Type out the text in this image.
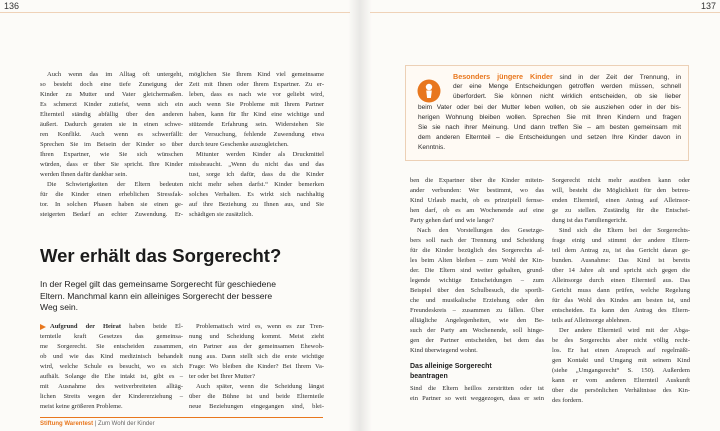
136	137
Auch wenn das im Alltag oft untergeht,
so besteht doch eine tiefe Zuneigung der
Kinder zu Mutter und Vater gleichermaßen.
Es schmerzt Kinder zutiefst, wenn sich ein
Elternteil ständig abfällig über den anderen
äußert. Dadurch geraten sie in einen schwe-
ren Konflikt. Auch wenn es schwerfällt:
Sprechen Sie im Beisein der Kinder so über
Ihren Expartner, wie Sie sich wünschen
würden, dass er über Sie spricht. Ihre Kinder
werden Ihnen dafür dankbar sein.
Die Schwierigkeiten der Eltern bedeuten
für die Kinder einen erheblichen Stressfak-
tor. In solchen Phasen haben sie einen ge-
steigerten Bedarf an echter Zuwendung. Er-
möglichen Sie Ihrem Kind viel gemeinsame
Zeit mit Ihnen oder Ihrem Expartner. Zu er-
leben, dass es nach wie vor geliebt wird,
auch wenn Sie Probleme mit Ihrem Partner
haben, kann für Ihr Kind eine wichtige und
stützende Erfahrung sein. Widerstehen Sie
der Versuchung, fehlende Zuwendung etwa
durch teure Geschenke auszugleichen.
Mitunter werden Kinder als Druckmittel
missbraucht. „Wenn du nicht das und das
tust, sorge ich dafür, dass du die Kinder
nicht mehr sehen darfst.“ Kinder bemerken
solches Verhalten. Es wirkt sich nachhaltig
auf ihre Beziehung zu Ihnen aus, und Sie
schädigen sie zusätzlich.
Wer erhält das Sorgerecht?
In der Regel gilt das gemeinsame Sorgerecht für geschiedene
Eltern. Manchmal kann ein alleiniges Sorgerecht der bessere
Weg sein.
Aufgrund der Heirat haben beide El-
ternteile kraft Gesetzes das gemeinsa-
me Sorgerecht. Sie entscheiden zusammen,
ob und wie das Kind medizinisch behandelt
wird, welche Schule es besucht, wo es sich
aufhält. Solange die Ehe intakt ist, gibt es –
mit Ausnahme des weitverbreiteten alltäg-
lichen Streits wegen der Kindererziehung –
meist keine größeren Probleme.
Problematisch wird es, wenn es zur Tren-
nung und Scheidung kommt. Meist zieht
ein Partner aus der gemeinsamen Ehewoh-
nung aus. Dann stellt sich die erste wichtige
Frage: Wo bleiben die Kinder? Bei Ihrem Va-
ter oder bei Ihrer Mutter?
Auch später, wenn die Scheidung längst
über die Bühne ist und beide Elternteile
neue Beziehungen eingegangen sind, blei-
Stiftung Warentest | Zum Wohl der Kinder
Besonders jüngere Kinder sind in der Zeit der Trennung, in
der eine Menge Entscheidungen getroffen werden müssen, schnell
überfordert. Sie können nicht wirklich entscheiden, ob sie lieber
beim Vater oder bei der Mutter leben wollen, ob sie ausziehen oder in der bis-
herigen Wohnung bleiben wollen. Sprechen Sie mit Ihren Kindern und fragen
Sie sie nach ihrer Meinung. Und dann treffen Sie – am besten gemeinsam mit
dem anderen Elternteil – die Entscheidungen und setzen Ihre Kinder davon in
Kenntnis.
ben die Expartner über die Kinder mitein-
ander verbunden: Wer bestimmt, wo das
Kind Urlaub macht, ob es prinzipiell fernse-
hen darf, ob es am Wochenende auf eine
Party gehen darf und wie lange?
Nach den Vorstellungen des Gesetzge-
bers soll nach der Trennung und Scheidung
für die Kinder bezüglich des Sorgerechts al-
les beim Alten bleiben – zum Wohl der Kin-
der. Die Eltern sind weiter gehalten, grund-
legende wichtige Entscheidungen – zum
Beispiel über den Schulbesuch, die sportli-
che und musikalische Erziehung oder den
Freundeskreis – zusammen zu fällen. Über
alltägliche Angelegenheiten, wie den Be-
such der Party am Wochenende, soll hinge-
gen der Partner entscheiden, bei dem das
Kind überwiegend wohnt.
Das alleinige Sorgerecht
beantragen
Sind die Eltern heillos zerstritten oder ist
ein Partner so weit weggezogen, dass er sein
Sorgerecht nicht mehr ausüben kann oder
will, besteht die Möglichkeit für den betreu-
enden Elternteil, einen Antrag auf Alleinsor-
ge zu stellen. Zuständig für die Entschei-
dung ist das Familiengericht.
Sind sich die Eltern bei der Sorgerechts-
frage einig und stimmt der andere Eltern-
teil dem Antrag zu, ist das Gericht daran ge-
bunden. Ausnahme: Das Kind ist bereits
über 14 Jahre alt und spricht sich gegen die
Alleinsorge durch einen Elternteil aus. Das
Gericht muss dann prüfen, welche Regelung
für das Wohl des Kindes am besten ist, und
entscheiden. Es kann den Antrag des Eltern-
teils auf Alleinsorge ablehnen.
Der andere Elternteil wird mit der Abga-
be des Sorgerechts aber nicht völlig recht-
los. Er hat einen Anspruch auf regelmäßi-
gen Kontakt und Umgang mit seinem Kind
(siehe „Umgangsrecht“ S. 150). Außerdem
kann er vom anderen Elternteil Auskunft
über die persönlichen Verhältnisse des Kin-
des fordern.
